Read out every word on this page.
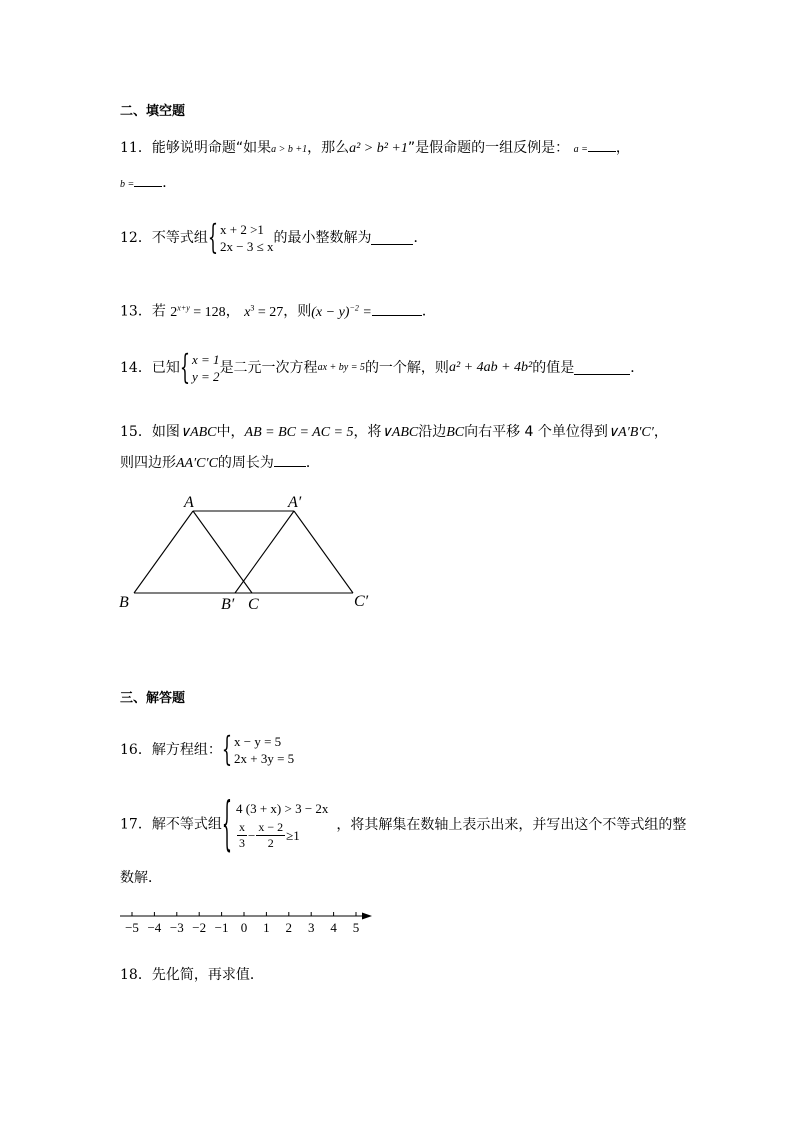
二、填空题
11．能够说明命题“如果a > b +1，那么a² > b² +1”是假命题的一组反例是： a = ，
b = ．
12．不等式组 { x + 2 >1
2x − 3 ≤ x
的最小整数解为	．
13．若 $2^{x+y} = 128$， $x^3 = 27$，则$(x - y)^{-2}$ =	．
14．已知 { x = 1
y = 2
是二元一次方程ax + by = 5的一个解，则a² + 4ab + 4b²的值是	．
15．如图∨ABC中，AB = BC = AC = 5，将∨ABC沿边BC向右平移 4 个单位得到∨A′B′C′，
则四边形AA′C′C的周长为 ．
A	A′
B	B′ C	C′
三、解答题
16．解方程组： { x − y = 5
2x + 3y = 5
17．解不等式组 { 4 (3 + x) > 3 − 2x
$\frac{x}{3} - \frac{x - 2}{2} \ge 1$
，将其解集在数轴上表示出来，并写出这个不等式组的整
数解．
−5 −4 −3 −2 −1 0 1 2 3 4 5
18．先化简，再求值．
